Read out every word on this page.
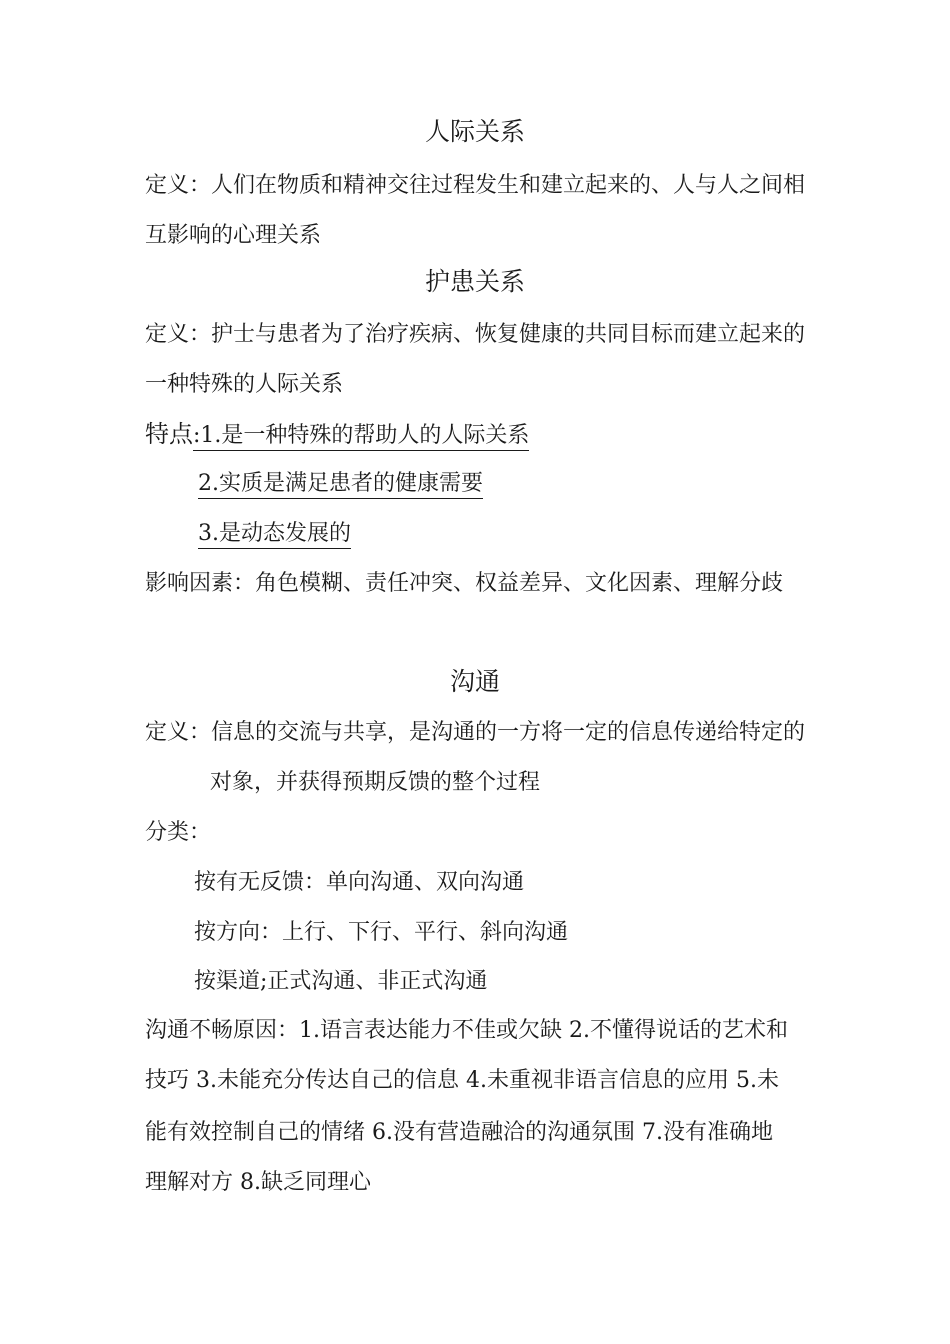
人际关系
定义：人们在物质和精神交往过程发生和建立起来的、人与人之间相
互影响的心理关系
护患关系
定义：护士与患者为了治疗疾病、恢复健康的共同目标而建立起来的
一种特殊的人际关系
特点:1.是一种特殊的帮助人的人际关系
2.实质是满足患者的健康需要
3.是动态发展的
影响因素：角色模糊、责任冲突、权益差异、文化因素、理解分歧
沟通
定义：信息的交流与共享，是沟通的一方将一定的信息传递给特定的
对象，并获得预期反馈的整个过程
分类：
按有无反馈：单向沟通、双向沟通
按方向：上行、下行、平行、斜向沟通
按渠道;正式沟通、非正式沟通
沟通不畅原因：1.语言表达能力不佳或欠缺 2.不懂得说话的艺术和
技巧 3.未能充分传达自己的信息 4.未重视非语言信息的应用 5.未
能有效控制自己的情绪 6.没有营造融洽的沟通氛围 7.没有准确地
理解对方 8.缺乏同理心
